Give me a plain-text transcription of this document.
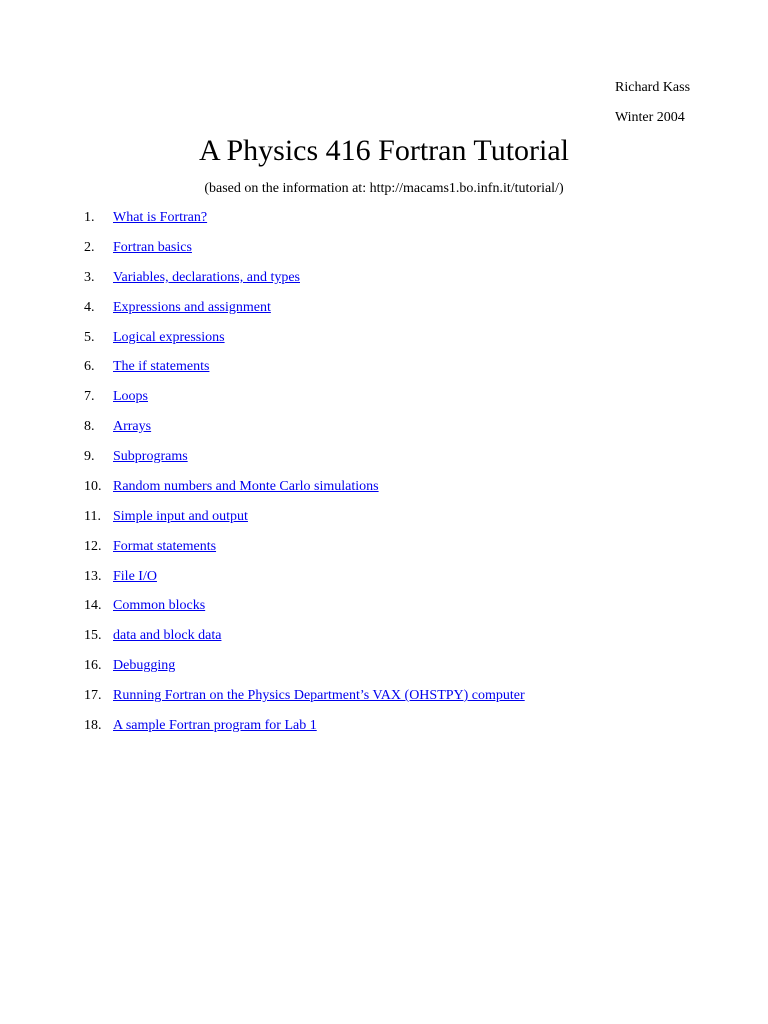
Richard Kass
Winter 2004
A Physics 416 Fortran Tutorial
(based on the information at: http://macams1.bo.infn.it/tutorial/)
1.	What is Fortran?
2.	Fortran basics
3.	Variables, declarations, and types
4.	Expressions and assignment
5.	Logical expressions
6.	The if statements
7.	Loops
8.	Arrays
9.	Subprograms
10. Random numbers and Monte Carlo simulations
11. Simple input and output
12. Format statements
13. File I/O
14. Common blocks
15. data and block data
16. Debugging
17. Running Fortran on the Physics Department’s VAX (OHSTPY) computer
18. A sample Fortran program for Lab 1
